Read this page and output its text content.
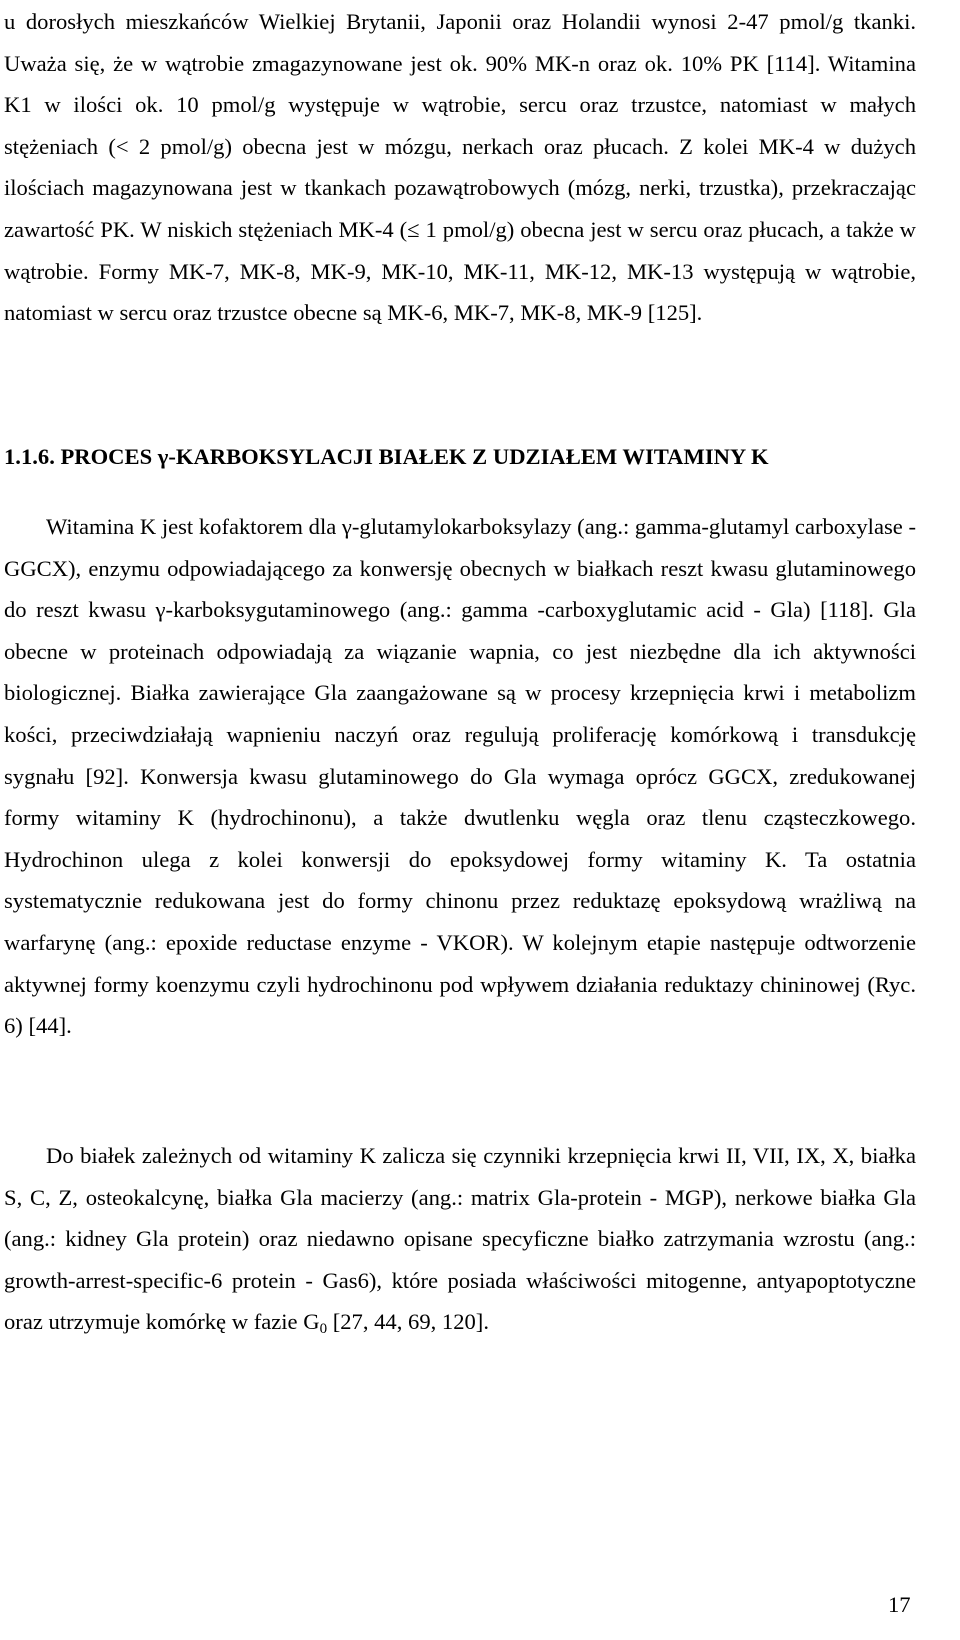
u dorosłych mieszkańców Wielkiej Brytanii, Japonii oraz Holandii wynosi 2-47 pmol/g tkanki. Uważa się, że w wątrobie zmagazynowane jest ok. 90% MK-n oraz ok. 10% PK [114]. Witamina K1 w ilości ok. 10 pmol/g występuje w wątrobie, sercu oraz trzustce, natomiast w małych stężeniach (< 2 pmol/g) obecna jest w mózgu, nerkach oraz płucach. Z kolei MK-4 w dużych ilościach magazynowana jest w tkankach pozawątrobowych (mózg, nerki, trzustka), przekraczając zawartość PK. W niskich stężeniach MK-4 (≤ 1 pmol/g) obecna jest w sercu oraz płucach, a także w wątrobie. Formy MK-7, MK-8, MK-9, MK-10, MK-11, MK-12, MK-13 występują w wątrobie, natomiast w sercu oraz trzustce obecne są MK-6, MK-7, MK-8, MK-9 [125].

1.1.6. PROCES γ-KARBOKSYLACJI BIAŁEK Z UDZIAŁEM WITAMINY K

Witamina K jest kofaktorem dla γ-glutamylokarboksylazy (ang.: gamma-glutamyl carboxylase - GGCX), enzymu odpowiadającego za konwersję obecnych w białkach reszt kwasu glutaminowego do reszt kwasu γ-karboksygutaminowego (ang.: gamma -carboxyglutamic acid - Gla) [118]. Gla obecne w proteinach odpowiadają za wiązanie wapnia, co jest niezbędne dla ich aktywności biologicznej. Białka zawierające Gla zaangażowane są w procesy krzepnięcia krwi i metabolizm kości, przeciwdziałają wapnieniu naczyń oraz regulują proliferację komórkową i transdukcję sygnału [92]. Konwersja kwasu glutaminowego do Gla wymaga oprócz GGCX, zredukowanej formy witaminy K (hydrochinonu), a także dwutlenku węgla oraz tlenu cząsteczkowego. Hydrochinon ulega z kolei konwersji do epoksydowej formy witaminy K. Ta ostatnia systematycznie redukowana jest do formy chinonu przez reduktazę epoksydową wrażliwą na warfarynę (ang.: epoxide reductase enzyme - VKOR). W kolejnym etapie następuje odtworzenie aktywnej formy koenzymu czyli hydrochinonu pod wpływem działania reduktazy chininowej (Ryc. 6) [44].

Do białek zależnych od witaminy K zalicza się czynniki krzepnięcia krwi II, VII, IX, X, białka S, C, Z, osteokalcynę, białka Gla macierzy (ang.: matrix Gla-protein - MGP), nerkowe białka Gla (ang.: kidney Gla protein) oraz niedawno opisane specyficzne białko zatrzymania wzrostu (ang.: growth-arrest-specific-6 protein - Gas6), które posiada właściwości mitogenne, antyapoptotyczne oraz utrzymuje komórkę w fazie $G_0$ [27, 44, 69, 120].

17
